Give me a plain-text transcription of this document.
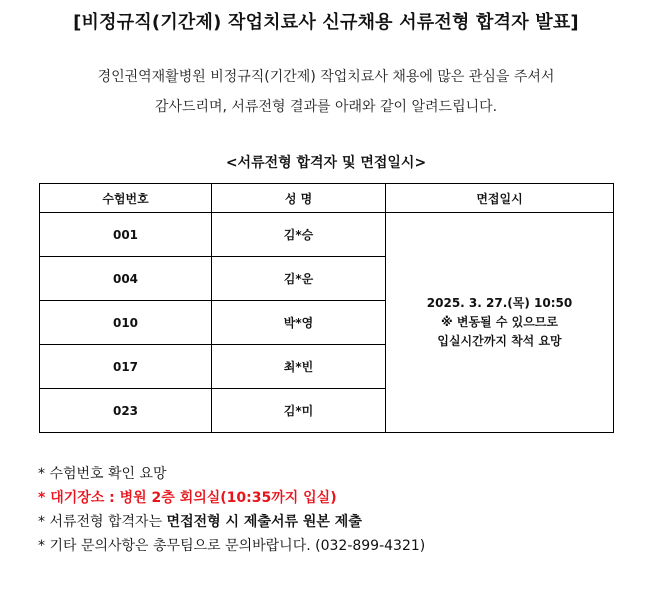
[비정규직(기간제) 작업치료사 신규채용 서류전형 합격자 발표]
경인권역재활병원 비정규직(기간제) 작업치료사 채용에 많은 관심을 주셔서
감사드리며, 서류전형 결과를 아래와 같이 알려드립니다.
<서류전형 합격자 및 면접일시>
수험번호	성 명	면접일시
001	김*승	2025. 3. 27.(목) 10:50
※ 변동될 수 있으므로
입실시간까지 착석 요망

004	김*운	
010	박*영	
017	최*빈	
023	김*미	
* 수험번호 확인 요망
* 대기장소 : 병원 2층 회의실(10:35까지 입실)
* 서류전형 합격자는 면접전형 시 제출서류 원본 제출
* 기타 문의사항은 총무팀으로 문의바랍니다. (032-899-4321)
